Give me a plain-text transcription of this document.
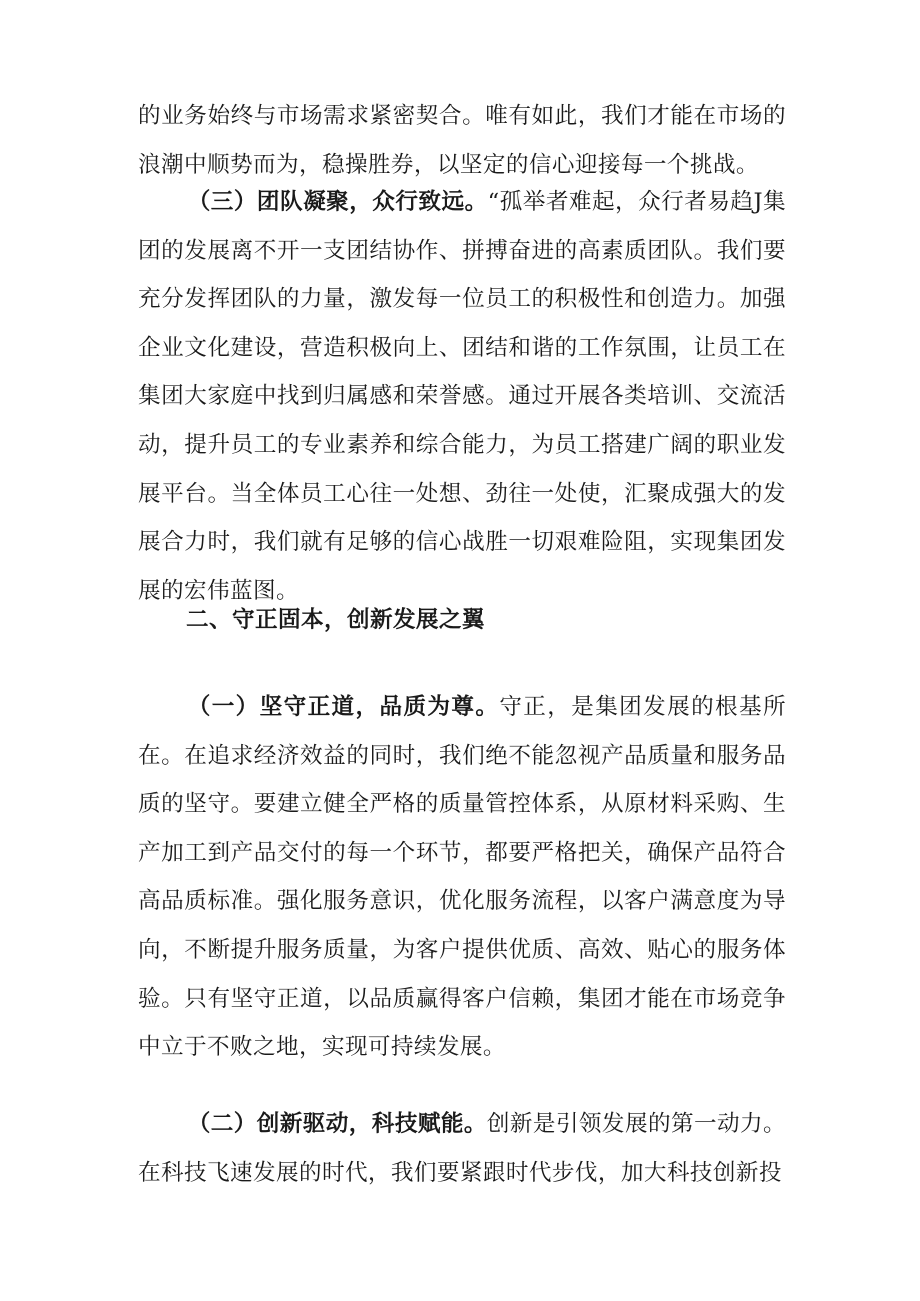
的业务始终与市场需求紧密契合。唯有如此，我们才能在市场的浪潮中顺势而为，稳操胜券，以坚定的信心迎接每一个挑战。

（三）团队凝聚，众行致远。“孤举者难起，众行者易趋J集团的发展离不开一支团结协作、拼搏奋进的高素质团队。我们要充分发挥团队的力量，激发每一位员工的积极性和创造力。加强企业文化建设，营造积极向上、团结和谐的工作氛围，让员工在集团大家庭中找到归属感和荣誉感。通过开展各类培训、交流活动，提升员工的专业素养和综合能力，为员工搭建广阔的职业发展平台。当全体员工心往一处想、劲往一处使，汇聚成强大的发展合力时，我们就有足够的信心战胜一切艰难险阻，实现集团发展的宏伟蓝图。

二、守正固本，创新发展之翼

（一）坚守正道，品质为尊。守正，是集团发展的根基所在。在追求经济效益的同时，我们绝不能忽视产品质量和服务品质的坚守。要建立健全严格的质量管控体系，从原材料采购、生产加工到产品交付的每一个环节，都要严格把关，确保产品符合高品质标准。强化服务意识，优化服务流程，以客户满意度为导向，不断提升服务质量，为客户提供优质、高效、贴心的服务体验。只有坚守正道，以品质赢得客户信赖，集团才能在市场竞争中立于不败之地，实现可持续发展。

（二）创新驱动，科技赋能。创新是引领发展的第一动力。在科技飞速发展的时代，我们要紧跟时代步伐，加大科技创新投
